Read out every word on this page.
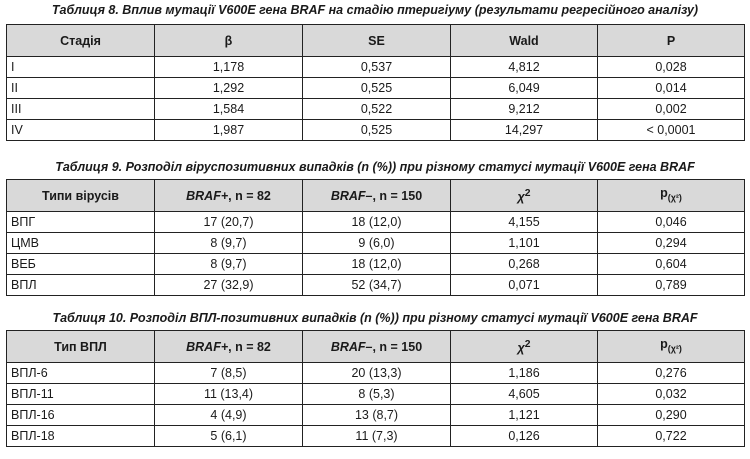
Таблиця 8. Вплив мутації V600E гена BRAF на стадію птеригіуму (результати регресійного аналізу)
Стадія	β	SE	Wald	P
I	1,178	0,537	4,812	0,028
II	1,292	0,525	6,049	0,014
III	1,584	0,522	9,212	0,002
IV	1,987	0,525	14,297	< 0,0001
Таблиця 9. Розподіл віруспозитивних випадків (n (%)) при різному статусі мутації V600E гена BRAF
Типи вірусів	BRAF+, n = 82	BRAF–, n = 150	$\chi^2$	$p_{(\chi^2)}$
ВПГ	17 (20,7)	18 (12,0)	4,155	0,046
ЦМВ	8 (9,7)	9 (6,0)	1,101	0,294
ВЕБ	8 (9,7)	18 (12,0)	0,268	0,604
ВПЛ	27 (32,9)	52 (34,7)	0,071	0,789
Таблиця 10. Розподіл ВПЛ-позитивних випадків (n (%)) при різному статусі мутації V600E гена BRAF
Тип ВПЛ	BRAF+, n = 82	BRAF–, n = 150	$\chi^2$	$p_{(\chi^2)}$
ВПЛ-6	7 (8,5)	20 (13,3)	1,186	0,276
ВПЛ-11	11 (13,4)	8 (5,3)	4,605	0,032
ВПЛ-16	4 (4,9)	13 (8,7)	1,121	0,290
ВПЛ-18	5 (6,1)	11 (7,3)	0,126	0,722
